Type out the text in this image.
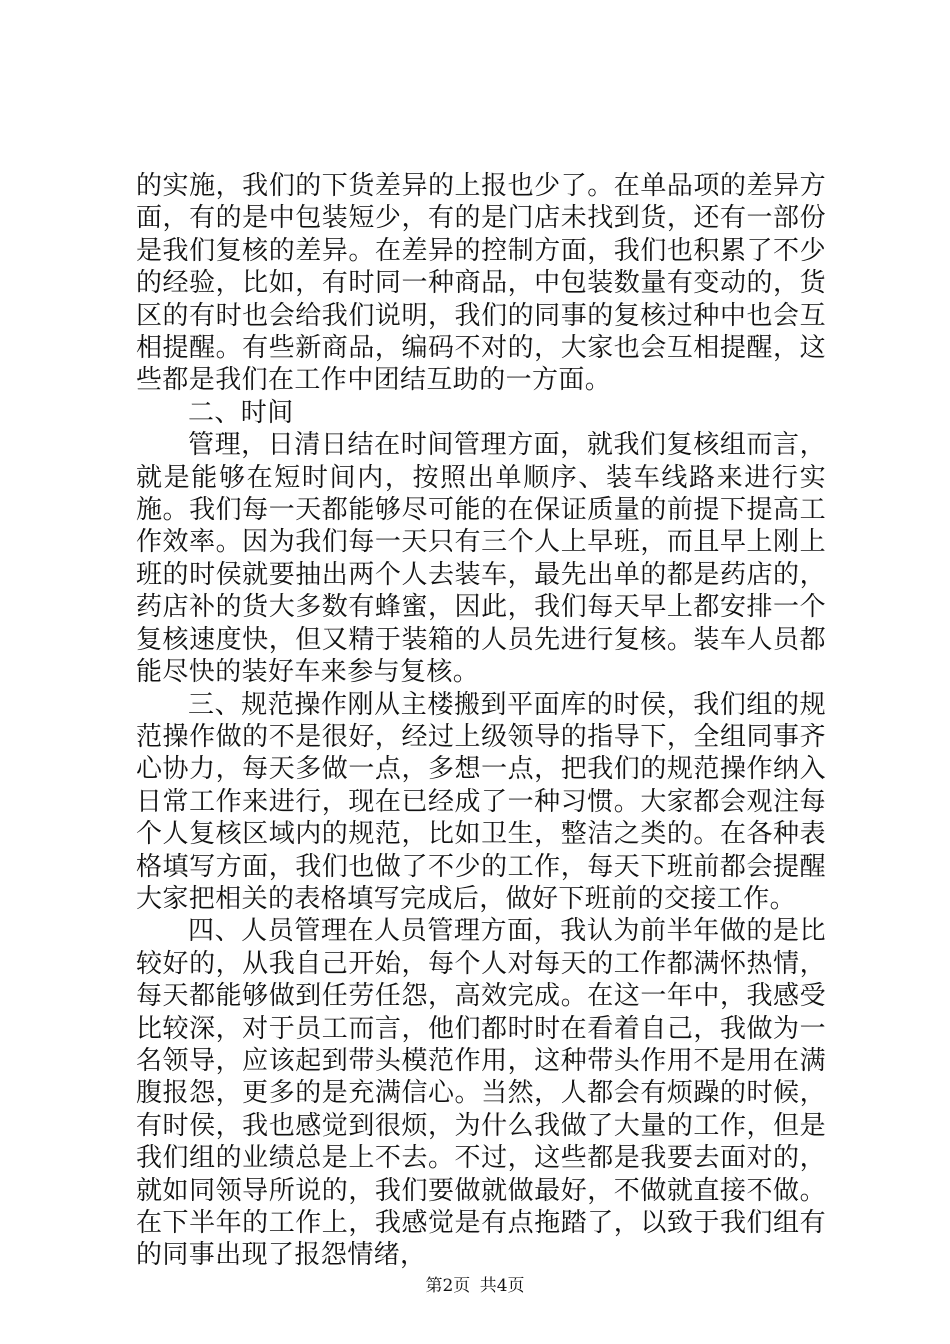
的实施，我们的下货差异的上报也少了。在单品项的差异方面，有的是中包装短少，有的是门店未找到货，还有一部份是我们复核的差异。在差异的控制方面，我们也积累了不少的经验，比如，有时同一种商品，中包装数量有变动的，货区的有时也会给我们说明，我们的同事的复核过种中也会互相提醒。有些新商品，编码不对的，大家也会互相提醒，这些都是我们在工作中团结互助的一方面。

二、时间

管理，日清日结在时间管理方面，就我们复核组而言，就是能够在短时间内，按照出单顺序、装车线路来进行实施。我们每一天都能够尽可能的在保证质量的前提下提高工作效率。因为我们每一天只有三个人上早班，而且早上刚上班的时侯就要抽出两个人去装车，最先出单的都是药店的，药店补的货大多数有蜂蜜，因此，我们每天早上都安排一个复核速度快，但又精于装箱的人员先进行复核。装车人员都能尽快的装好车来参与复核。

三、规范操作刚从主楼搬到平面库的时侯，我们组的规范操作做的不是很好，经过上级领导的指导下，全组同事齐心协力，每天多做一点，多想一点，把我们的规范操作纳入日常工作来进行，现在已经成了一种习惯。大家都会观注每个人复核区域内的规范，比如卫生，整洁之类的。在各种表格填写方面，我们也做了不少的工作，每天下班前都会提醒大家把相关的表格填写完成后，做好下班前的交接工作。

四、人员管理在人员管理方面，我认为前半年做的是比较好的，从我自己开始，每个人对每天的工作都满怀热情，每天都能够做到任劳任怨，高效完成。在这一年中，我感受比较深，对于员工而言，他们都时时在看着自己，我做为一名领导，应该起到带头模范作用，这种带头作用不是用在满腹报怨，更多的是充满信心。当然，人都会有烦躁的时候，有时侯，我也感觉到很烦，为什么我做了大量的工作，但是我们组的业绩总是上不去。不过，这些都是我要去面对的，就如同领导所说的，我们要做就做最好，不做就直接不做。在下半年的工作上，我感觉是有点拖踏了，以致于我们组有的同事出现了报怨情绪，

第2页 共4页
